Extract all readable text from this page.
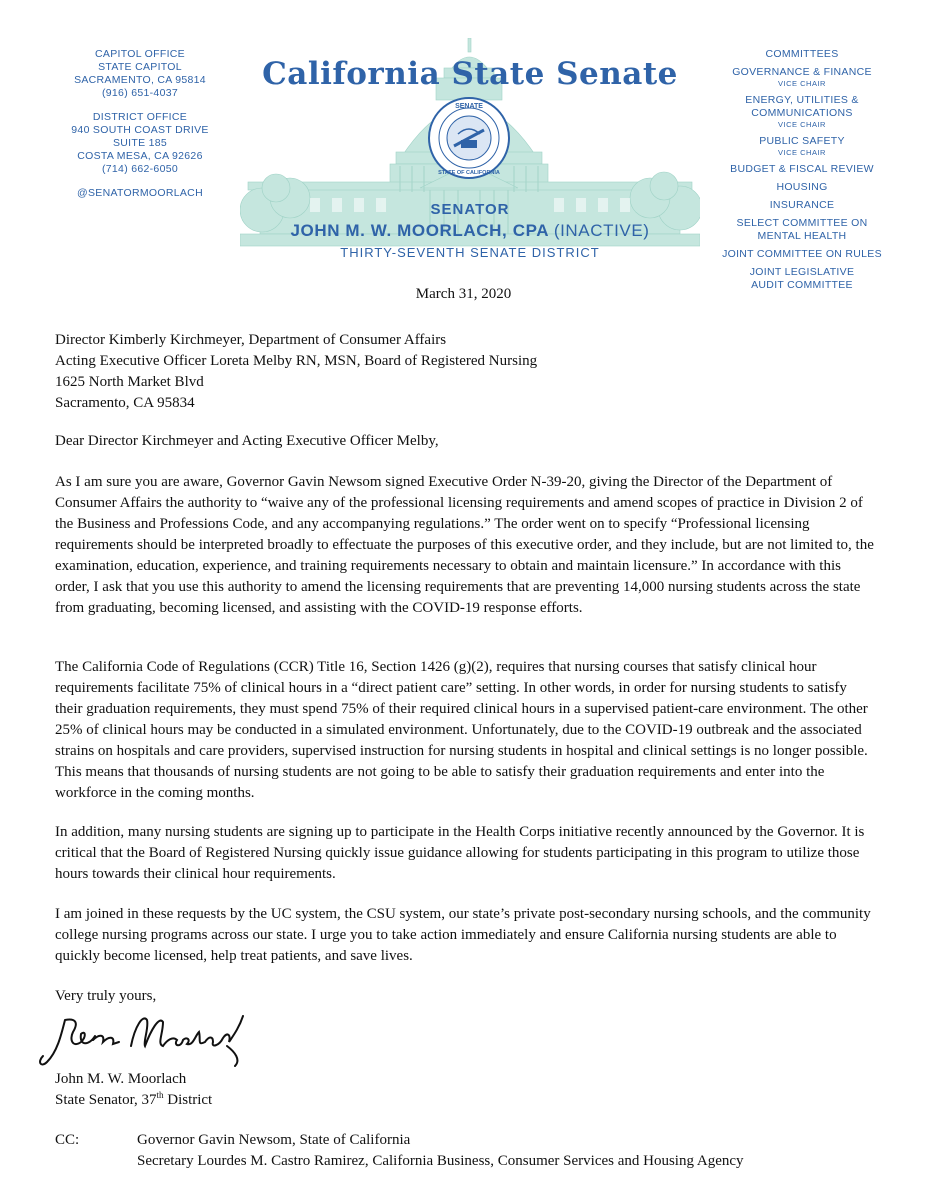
CAPITOL OFFICE
STATE CAPITOL
SACRAMENTO, CA 95814
(916) 651-4037
DISTRICT OFFICE
940 SOUTH COAST DRIVE
SUITE 185
COSTA MESA, CA 92626
(714) 662-6050
@SENATORMOORLACH
SENATE
STATE OF CALIFORNIA
California State Senate
SENATOR
JOHN M. W. MOORLACH, CPA (INACTIVE)
THIRTY-SEVENTH SENATE DISTRICT
COMMITTEES
GOVERNANCE & FINANCE
VICE CHAIR
ENERGY, UTILITIES &
COMMUNICATIONS
VICE CHAIR
PUBLIC SAFETY
VICE CHAIR
BUDGET & FISCAL REVIEW
HOUSING
INSURANCE
SELECT COMMITTEE ON
MENTAL HEALTH
JOINT COMMITTEE ON RULES
JOINT LEGISLATIVE
AUDIT COMMITTEE
March 31, 2020
Director Kimberly Kirchmeyer, Department of Consumer Affairs
Acting Executive Officer Loreta Melby RN, MSN, Board of Registered Nursing
1625 North Market Blvd
Sacramento, CA 95834
Dear Director Kirchmeyer and Acting Executive Officer Melby,
As I am sure you are aware, Governor Gavin Newsom signed Executive Order N-39-20, giving the Director of the Department of Consumer Affairs the authority to “waive any of the professional licensing requirements and amend scopes of practice in Division 2 of the Business and Professions Code, and any accompanying regulations.” The order went on to specify “Professional licensing requirements should be interpreted broadly to effectuate the purposes of this executive order, and they include, but are not limited to, the examination, education, experience, and training requirements necessary to obtain and maintain licensure.” In accordance with this order, I ask that you use this authority to amend the licensing requirements that are preventing 14,000 nursing students across the state from graduating, becoming licensed, and assisting with the COVID-19 response efforts.
The California Code of Regulations (CCR) Title 16, Section 1426 (g)(2), requires that nursing courses that satisfy clinical hour requirements facilitate 75% of clinical hours in a “direct patient care” setting. In other words, in order for nursing students to satisfy their graduation requirements, they must spend 75% of their required clinical hours in a supervised patient-care environment. The other 25% of clinical hours may be conducted in a simulated environment. Unfortunately, due to the COVID-19 outbreak and the associated strains on hospitals and care providers, supervised instruction for nursing students in hospital and clinical settings is no longer possible. This means that thousands of nursing students are not going to be able to satisfy their graduation requirements and enter into the workforce in the coming months.
In addition, many nursing students are signing up to participate in the Health Corps initiative recently announced by the Governor. It is critical that the Board of Registered Nursing quickly issue guidance allowing for students participating in this program to utilize those hours towards their clinical hour requirements.
I am joined in these requests by the UC system, the CSU system, our state’s private post-secondary nursing schools, and the community college nursing programs across our state. I urge you to take action immediately and ensure California nursing students are able to quickly become licensed, help treat patients, and save lives.
Very truly yours,
John M. W. Moorlach
State Senator, 37th District
CC:	Governor Gavin Newsom, State of California
Secretary Lourdes M. Castro Ramirez, California Business, Consumer Services and Housing Agency
